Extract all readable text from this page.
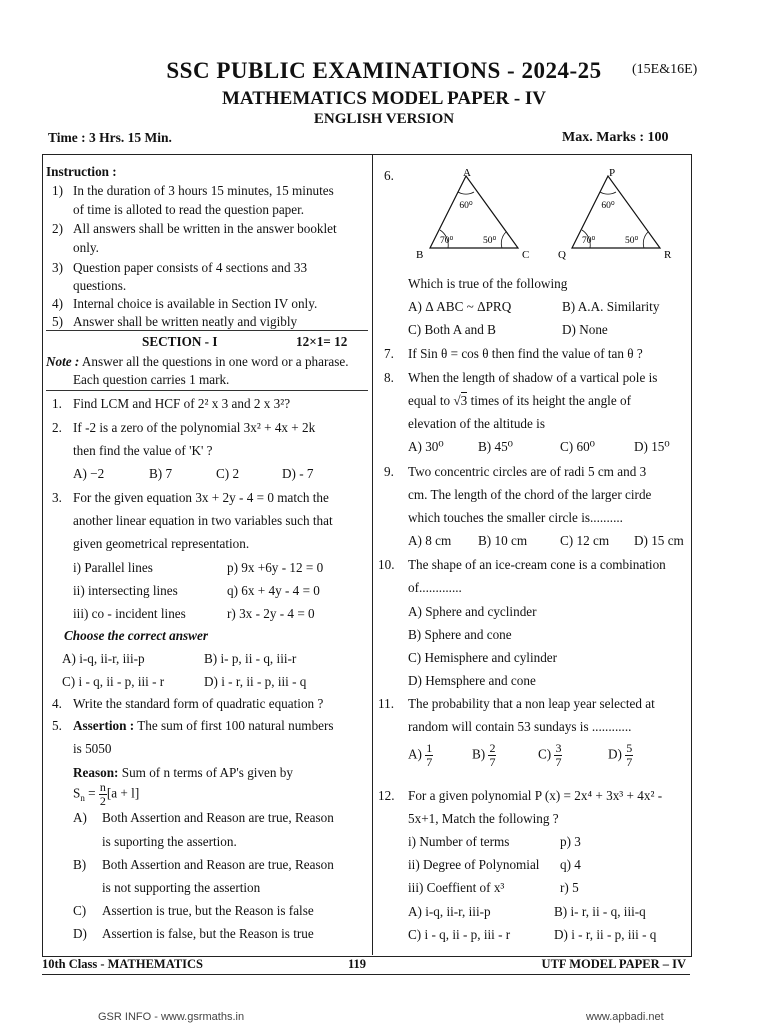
SSC PUBLIC EXAMINATIONS - 2024-25	(15E&16E)
MATHEMATICS MODEL PAPER - IV
ENGLISH VERSION
Time : 3 Hrs. 15 Min.	Max. Marks : 100
Instruction :
1) In the duration of 3 hours 15 minutes, 15 minutes
of time is alloted to read the question paper.
2) All answers shall be written in the answer booklet
only.
3) Question paper consists of 4 sections and 33
questions.
4) Internal choice is available in Section IV only.
5) Answer shall be written neatly and vigibly
SECTION - I	12×1= 12
Note : Answer all the questions in one word or a pharase.
Each question carries 1 mark.
1. Find LCM and HCF of 2² x 3 and 2 x 3²?
2. If -2 is a zero of the polynomial 3x² + 4x + 2k
then find the value of 'K' ?
A) −2	B) 7	C) 2	D) - 7
3. For the given equation 3x + 2y - 4 = 0 match the
another linear equation in two variables such that
given geometrical representation.
i) Parallel lines	p) 9x +6y - 12 = 0
ii) intersecting lines	q) 6x + 4y - 4 = 0
iii) co - incident lines	r) 3x - 2y - 4 = 0
Choose the correct answer
A) i-q, ii-r, iii-p	B) i- p, ii - q, iii-r
C) i - q, ii - p, iii - r	D) i - r, ii - p, iii - q
4. Write the standard form of quadratic equation ?
5. Assertion : The sum of first 100 natural numbers
is 5050
Reason: Sum of n terms of AP's given by
$S_n = \frac{n}{2} [a + l]$
A) Both Assertion and Reason are true, Reason
is suporting the assertion.
B) Both Assertion and Reason are true, Reason
is not supporting the assertion
C) Assertion is true, but the Reason is false
D) Assertion is false, but the Reason is true
6.	A
B	C
60⁰
70⁰	50⁰
P
Q	R
60⁰
70⁰	50⁰
Which is true of the following
A) Δ ABC ~ ΔPRQ	B) A.A. Similarity
C) Both A and B	D) None
7. If Sin θ = cos θ then find the value of tan θ ?
8. When the length of shadow of a vartical pole is
equal to √3 times of its height the angle of
elevation of the altitude is
A) 30⁰	B) 45⁰	C) 60⁰	D) 15⁰
9. Two concentric circles are of radi 5 cm and 3
cm. The length of the chord of the larger cirde
which touches the smaller circle is..........
A) 8 cm B) 10 cm C) 12 cm D) 15 cm
10. The shape of an ice-cream cone is a combination
of.............
A) Sphere and cyclinder
B) Sphere and cone
C) Hemisphere and cylinder
D) Hemsphere and cone
11. The probability that a non leap year selected at
random will contain 53 sundays is ............
$A) \frac{1}{7}$	$B) \frac{2}{7}$	$C) \frac{3}{7}$	$D) \frac{5}{7}$
12. For a given polynomial P (x) = 2x⁴ + 3x³ + 4x² -
5x+1, Match the following ?
i) Number of terms	p) 3
ii) Degree of Polynomial q) 4
iii) Coeffient of x³	r) 5
A) i-q, ii-r, iii-p	B) i- r, ii - q, iii-q
C) i - q, ii - p, iii - r	D) i - r, ii - p, iii - q
10th Class - MATHEMATICS	119	UTF MODEL PAPER – IV
GSR INFO - www.gsrmaths.in	www.apbadi.net
